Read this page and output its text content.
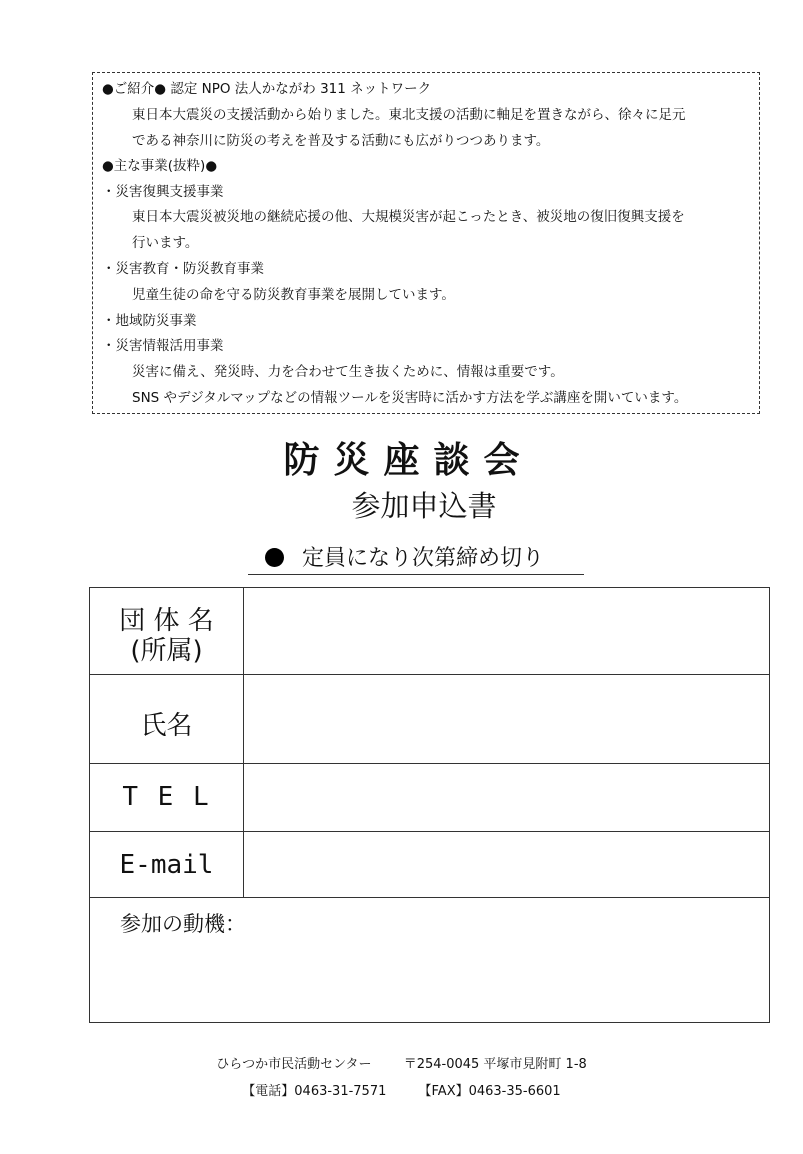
●ご紹介● 認定 NPO 法人かながわ 311 ネットワーク
東日本大震災の支援活動から始りました。東北支援の活動に軸足を置きながら、徐々に足元
である神奈川に防災の考えを普及する活動にも広がりつつあります。
●主な事業(抜粋)●
・災害復興支援事業
東日本大震災被災地の継続応援の他、大規模災害が起こったとき、被災地の復旧復興支援を
行います。
・災害教育・防災教育事業
児童生徒の命を守る防災教育事業を展開しています。
・地域防災事業
・災害情報活用事業
災害に備え、発災時、力を合わせて生き抜くために、情報は重要です。
SNS やデジタルマップなどの情報ツールを災害時に活かす方法を学ぶ講座を開いています。
防災座談会
参加申込書
定員になり次第締め切り
団 体 名
(所属)
氏名
T E L
E-mail
参加の動機：
ひらつか市民活動センター 〒254-0045 平塚市見附町 1-8
【電話】0463-31-7571 【FAX】0463-35-6601
